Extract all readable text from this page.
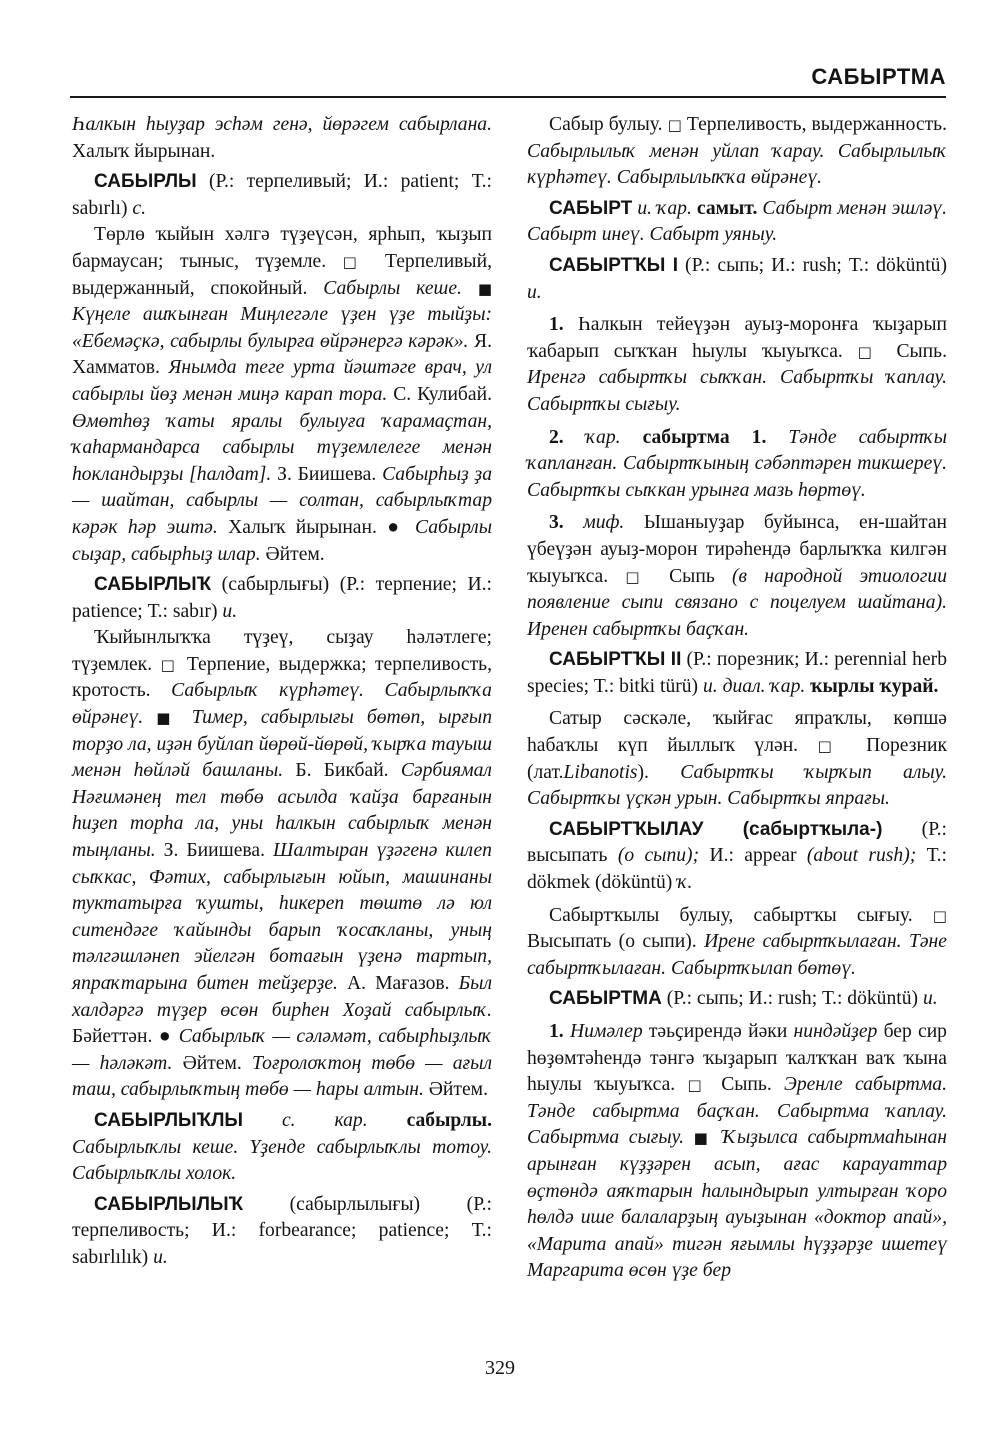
САБЫРТМА

Һалкын һыуҙар эсһәм генә, йөрәгем сабырлана. Халыҡ йырынан.

САБЫРЛЫ (Р.: терпеливый; И.: patient; Т.: sabırlı) с.

Төрлө ҡыйын хәлгә түҙеүсән, ярһып, ҡыҙып бармаусан; тыныс, түҙемле. □ Терпеливый, выдержанный, спокойный. Сабырлы кеше. ■ Күңеле ашҡынған Миңлегәле үҙен үҙе тыйҙы: «Ебемәҫкә, сабырлы булырға өйрәнергә кәрәк». Я. Хамматов. Янымда теге урта йәштәге врач, ул сабырлы йөҙ менән миңә карап тора. С. Кулибай. Өмөтһөҙ ҡаты яралы булыуға ҡарамаҫтан, ҡаһармандарса сабырлы түҙемлелеге менән һокландырҙы [һалдат]. З. Биишева. Сабырһыҙ ҙа — шайтан, сабырлы — солтан, сабырлыҡтар кәрәк һәр эштә. Халыҡ йырынан. ● Сабырлы сыҙар, сабырһыҙ илар. Әйтем.

САБЫРЛЫҠ (сабырлығы) (Р.: терпение; И.: patience; Т.: sabır) и.

Ҡыйынлыҡҡа түҙеү, сыҙау һәләтлеге; түҙемлек. □ Терпение, выдержка; терпеливость, кротость. Сабырлыҡ күрһәтеү. Сабырлыҡҡа өйрәнеү. ■ Тимер, сабырлығы бөтөп, ырғып торҙо ла, иҙән буйлап йөрөй-йөрөй, ҡырҡа тауыш менән һөйләй башланы. Б. Бикбай. Сәрбиямал Нәғимәнең тел төбө асылда ҡайҙа барғанын һиҙеп торһа ла, уны һалкын сабырлыҡ менән тыңланы. З. Биишева. Шалтыран үҙәгенә килеп сыҡкас, Фәтих, сабырлығын юйып, машинаны туктатырға ҡушты, һикереп төштө лә юл ситендәге ҡайынды барып ҡосаҡланы, уның тәлгәшләнеп эйелгән ботағын үҙенә тартып, япраҡтарына битен тейҙерҙе. А. Мағазов. Был халдәргә түҙер өсөн бирһен Хоҙай сабырлыҡ. Бәйеттән. ● Сабырлыҡ — сәләмәт, сабырһыҙлыҡ — һәләкәт. Әйтем. Тоғролоҡтоң төбө — ағыл таш, сабырлыҡтың төбө — һары алтын. Әйтем.

САБЫРЛЫҠЛЫ с. кар. сабырлы. Сабырлыҡлы кеше. Үҙенде сабырлыҡлы тотоу. Сабырлыҡлы холок.

САБЫРЛЫЛЫҠ (сабырлылығы) (Р.: терпеливость; И.: forbearance; patience; Т.: sabırlılık) и.

Сабыр булыу. □ Терпеливость, выдержанность. Сабырлылыҡ менән уйлап ҡарау. Сабырлылыҡ күрһәтеү. Сабырлылыҡҡа өйрәнеү.

САБЫРТ и. ҡар. самыт. Сабырт менән эшләү. Сабырт инеү. Сабырт уяныу.

САБЫРТҠЫ I (Р.: сыпь; И.: rush; Т.: döküntü) и.

1. Һалкын тейеүҙән ауыҙ-моронға ҡыҙарып ҡабарып сыҡҡан һыулы ҡыуыҡса. □ Сыпь. Иренгә сабыртҡы сыҡҡан. Сабыртҡы ҡаплау. Сабыртҡы сығыу.

2. ҡар. сабыртма 1. Тәнде сабыртҡы ҡапланған. Сабыртҡының сәбәптәрен тикшереү. Сабыртҡы сыҡкан урынға мазь һөртөү.

3. миф. Ышаныуҙар буйынса, ен-шайтан үбеүҙән ауыҙ-морон тирәһендә барлыҡҡа килгән ҡыуыҡса. □ Сыпь (в народной этиологии появление сыпи связано с поцелуем шайтана). Иренен сабыртҡы баҫҡан.

САБЫРТҠЫ II (Р.: порезник; И.: perennial herb species; Т.: bitki türü) и. диал. ҡар. ҡырлы ҡурай.

Сатыр сәскәле, ҡыйғас япраҡлы, көпшә һабаҡлы күп йыллыҡ үлән. □ Порезник (лат.Libanotis). Сабыртҡы ҡырҡып алыу. Сабыртҡы үҫкән урын. Сабыртҡы япрағы.

САБЫРТҠЫЛАУ (сабыртҡыла-) (Р.: высыпать (о сыпи); И.: appear (about rush); Т.: dökmek (döküntü) ҡ.

Сабыртҡылы булыу, сабыртҡы сығыу. □ Высыпать (о сыпи). Ирене сабыртҡылаған. Тәне сабыртҡылаған. Сабыртҡылап бөтөү.

САБЫРТМА (Р.: сыпь; И.: rush; Т.: döküntü) и.

1. Нимәлер тәьҫирендә йәки ниндәйҙер бер сир һөҙөмтәһендә тәнгә ҡыҙарып ҡалҡҡан ваҡ ҡына һыулы ҡыуыҡса. □ Сыпь. Эренле сабыртма. Тәнде сабыртма баҫҡан. Сабыртма ҡаплау. Сабыртма сығыу. ■ Ҡыҙылса сабыртмаһынан арынған күҙҙәрен асып, ағас карауаттар өҫтөндә аяҡтарын һалындырып ултырған ҡоро һөлдә ише балаларҙың ауыҙынан «доктор апай», «Марита апай» тигән яғымлы һүҙҙәрҙе ишетеү Маргарита өсөн үҙе бер

329
